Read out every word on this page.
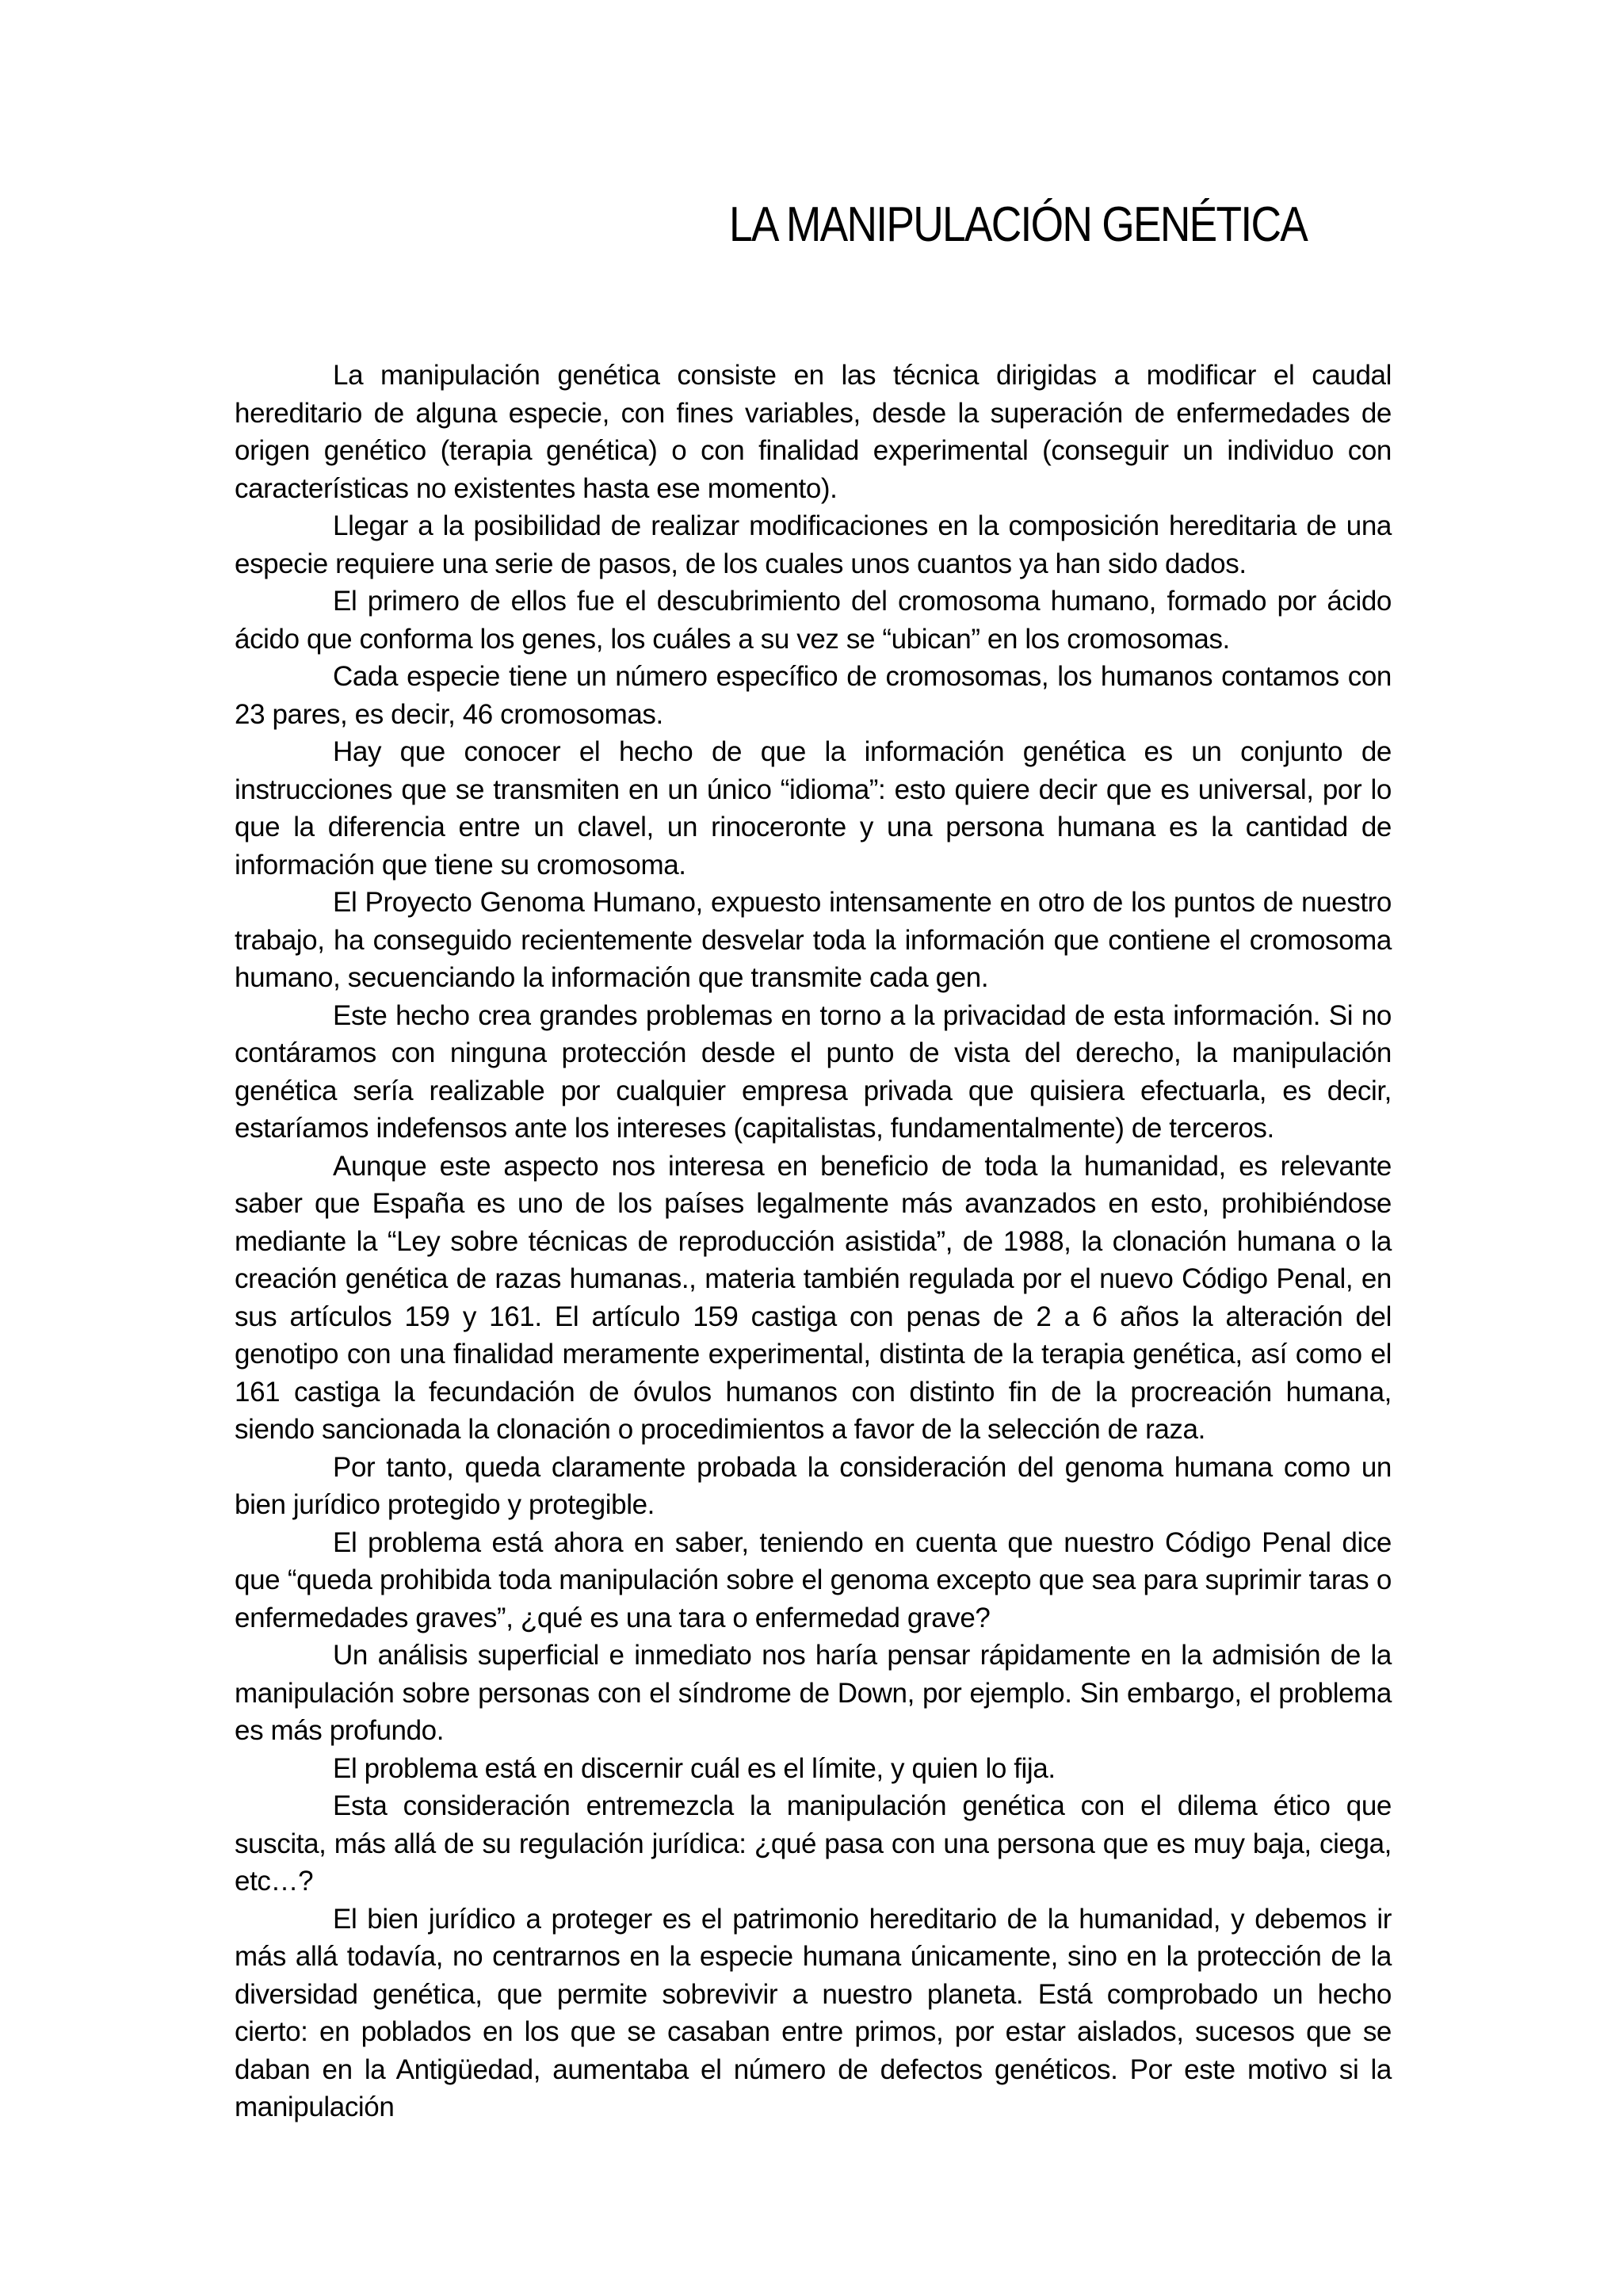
LA MANIPULACIÓN GENÉTICA

La manipulación genética consiste en las técnica dirigidas a modificar el caudal hereditario de alguna especie, con fines variables, desde la superación de enfermedades de origen genético (terapia genética) o con finalidad experimental (conseguir un individuo con características no existentes hasta ese momento).

Llegar a la posibilidad de realizar modificaciones en la composición hereditaria de una especie requiere una serie de pasos, de los cuales unos cuantos ya han sido dados.

El primero de ellos fue el descubrimiento del cromosoma humano, formado por ácido ácido que conforma los genes, los cuáles a su vez se “ubican” en los cromosomas.

Cada especie tiene un número específico de cromosomas, los humanos contamos con 23 pares, es decir, 46 cromosomas.

Hay que conocer el hecho de que la información genética es un conjunto de instrucciones que se transmiten en un único “idioma”: esto quiere decir que es universal, por lo que la diferencia entre un clavel, un rinoceronte y una persona humana es la cantidad de información que tiene su cromosoma.

El Proyecto Genoma Humano, expuesto intensamente en otro de los puntos de nuestro trabajo, ha conseguido recientemente desvelar toda la información que contiene el cromosoma humano, secuenciando la información que transmite cada gen.

Este hecho crea grandes problemas en torno a la privacidad de esta información. Si no contáramos con ninguna protección desde el punto de vista del derecho, la manipulación genética sería realizable por cualquier empresa privada que quisiera efectuarla, es decir, estaríamos indefensos ante los intereses (capitalistas, fundamentalmente) de terceros.

Aunque este aspecto nos interesa en beneficio de toda la humanidad, es relevante saber que España es uno de los países legalmente más avanzados en esto, prohibiéndose mediante la “Ley sobre técnicas de reproducción asistida”, de 1988, la clonación humana o la creación genética de razas humanas., materia también regulada por el nuevo Código Penal, en sus artículos 159 y 161. El artículo 159 castiga con penas de 2 a 6 años la alteración del genotipo con una finalidad meramente experimental, distinta de la terapia genética, así como el 161 castiga la fecundación de óvulos humanos con distinto fin de la procreación humana, siendo sancionada la clonación o procedimientos a favor de la selección de raza.

Por tanto, queda claramente probada la consideración del genoma humana como un bien jurídico protegido y protegible.

El problema está ahora en saber, teniendo en cuenta que nuestro Código Penal dice que “queda prohibida toda manipulación sobre el genoma excepto que sea para suprimir taras o enfermedades graves”, ¿qué es una tara o enfermedad grave?

Un análisis superficial e inmediato nos haría pensar rápidamente en la admisión de la manipulación sobre personas con el síndrome de Down, por ejemplo. Sin embargo, el problema es más profundo.

El problema está en discernir cuál es el límite, y quien lo fija.

Esta consideración entremezcla la manipulación genética con el dilema ético que suscita, más allá de su regulación jurídica: ¿qué pasa con una persona que es muy baja, ciega, etc…?

El bien jurídico a proteger es el patrimonio hereditario de la humanidad, y debemos ir más allá todavía, no centrarnos en la especie humana únicamente, sino en la protección de la diversidad genética, que permite sobrevivir a nuestro planeta. Está comprobado un hecho cierto: en poblados en los que se casaban entre primos, por estar aislados, sucesos que se daban en la Antigüedad, aumentaba el número de defectos genéticos. Por este motivo si la manipulación
